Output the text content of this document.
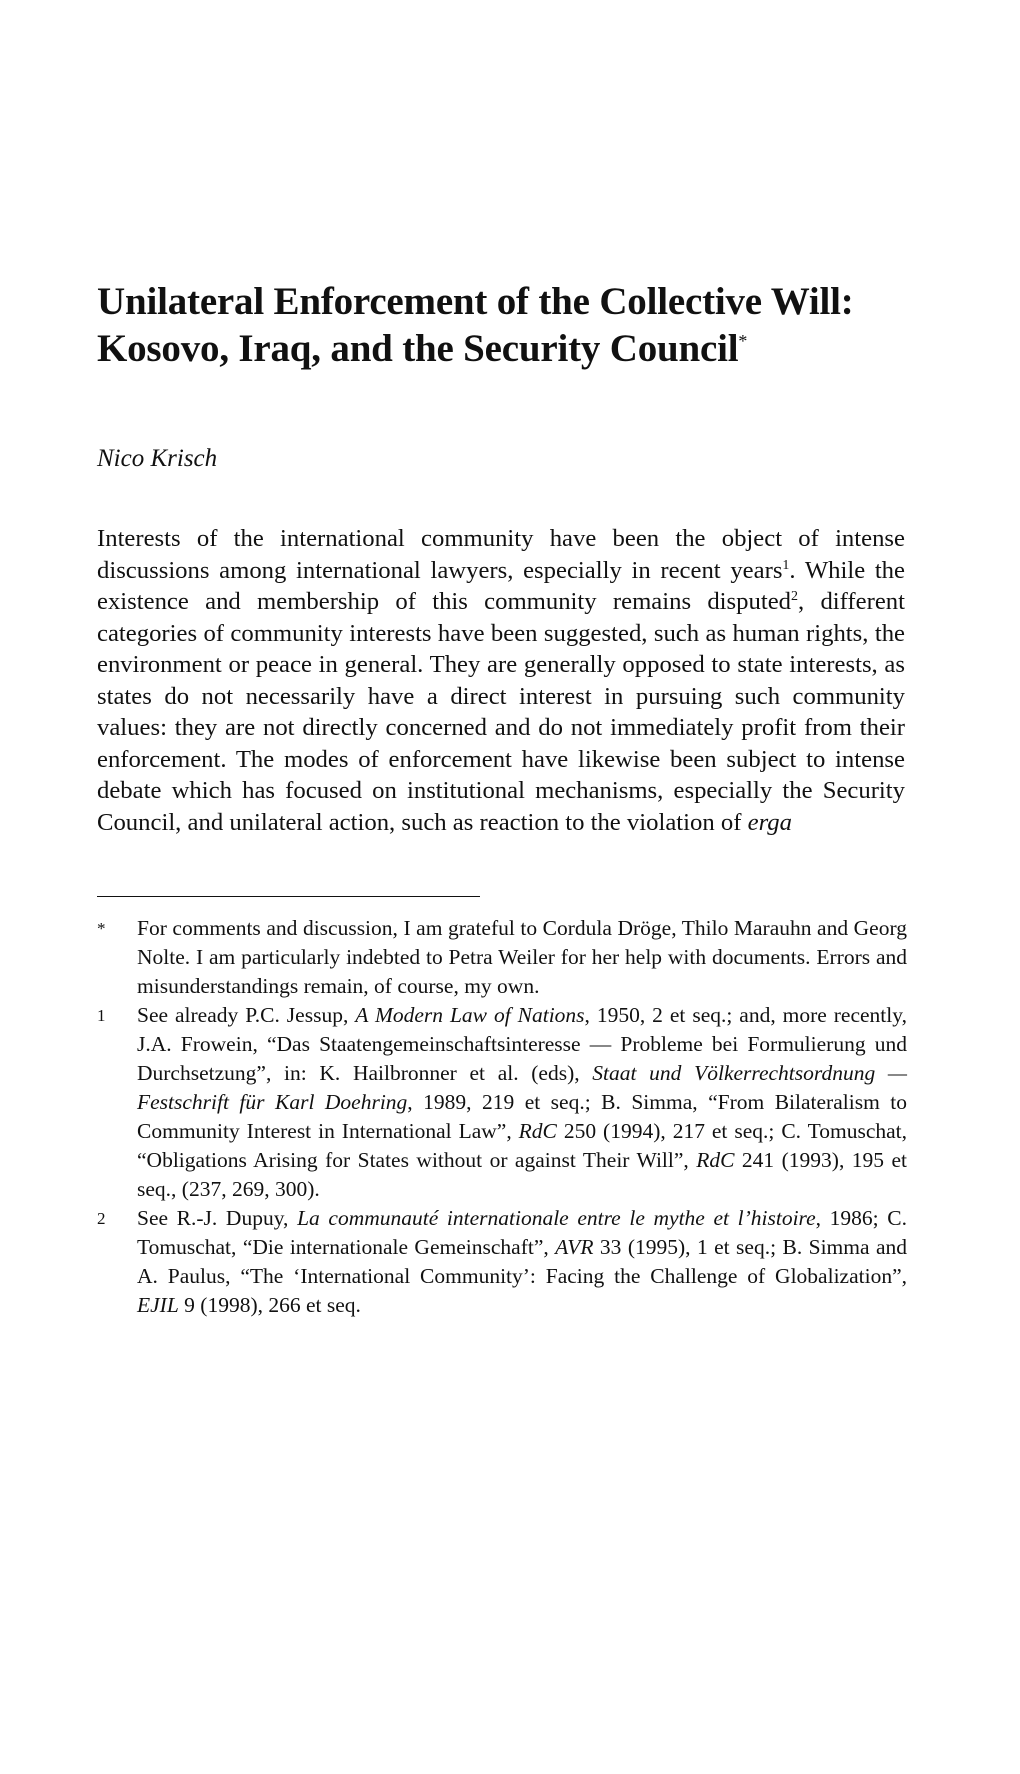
Unilateral Enforcement of the Collective Will:
Kosovo, Iraq, and the Security Council*

Nico Krisch

Interests of the international community have been the object of intense discussions among international lawyers, especially in recent years$^1$. While the existence and membership of this community remains disputed$^2$, different categories of community interests have been suggested, such as human rights, the environment or peace in general. They are generally opposed to state interests, as states do not necessarily have a direct interest in pursuing such community values: they are not directly concerned and do not immediately profit from their enforcement. The modes of enforcement have likewise been subject to intense debate which has focused on institutional mechanisms, especially the Security Council, and unilateral action, such as reaction to the violation of erga

* For comments and discussion, I am grateful to Cordula Dröge, Thilo Marauhn and Georg Nolte. I am particularly indebted to Petra Weiler for her help with documents. Errors and misunderstandings remain, of course, my own.

1 See already P.C. Jessup, A Modern Law of Nations, 1950, 2 et seq.; and, more recently, J.A. Frowein, “Das Staatengemeinschaftsinteresse — Probleme bei Formulierung und Durchsetzung”, in: K. Hailbronner et al. (eds), Staat und Völkerrechtsordnung — Festschrift für Karl Doehring, 1989, 219 et seq.; B. Simma, “From Bilateralism to Community Interest in International Law”, RdC 250 (1994), 217 et seq.; C. Tomuschat, “Obligations Arising for States without or against Their Will”, RdC 241 (1993), 195 et seq., (237, 269, 300).

2 See R.-J. Dupuy, La communauté internationale entre le mythe et l’histoire, 1986; C. Tomuschat, “Die internationale Gemeinschaft”, AVR 33 (1995), 1 et seq.; B. Simma and A. Paulus, “The ‘International Community’: Facing the Challenge of Globalization”, EJIL 9 (1998), 266 et seq.
